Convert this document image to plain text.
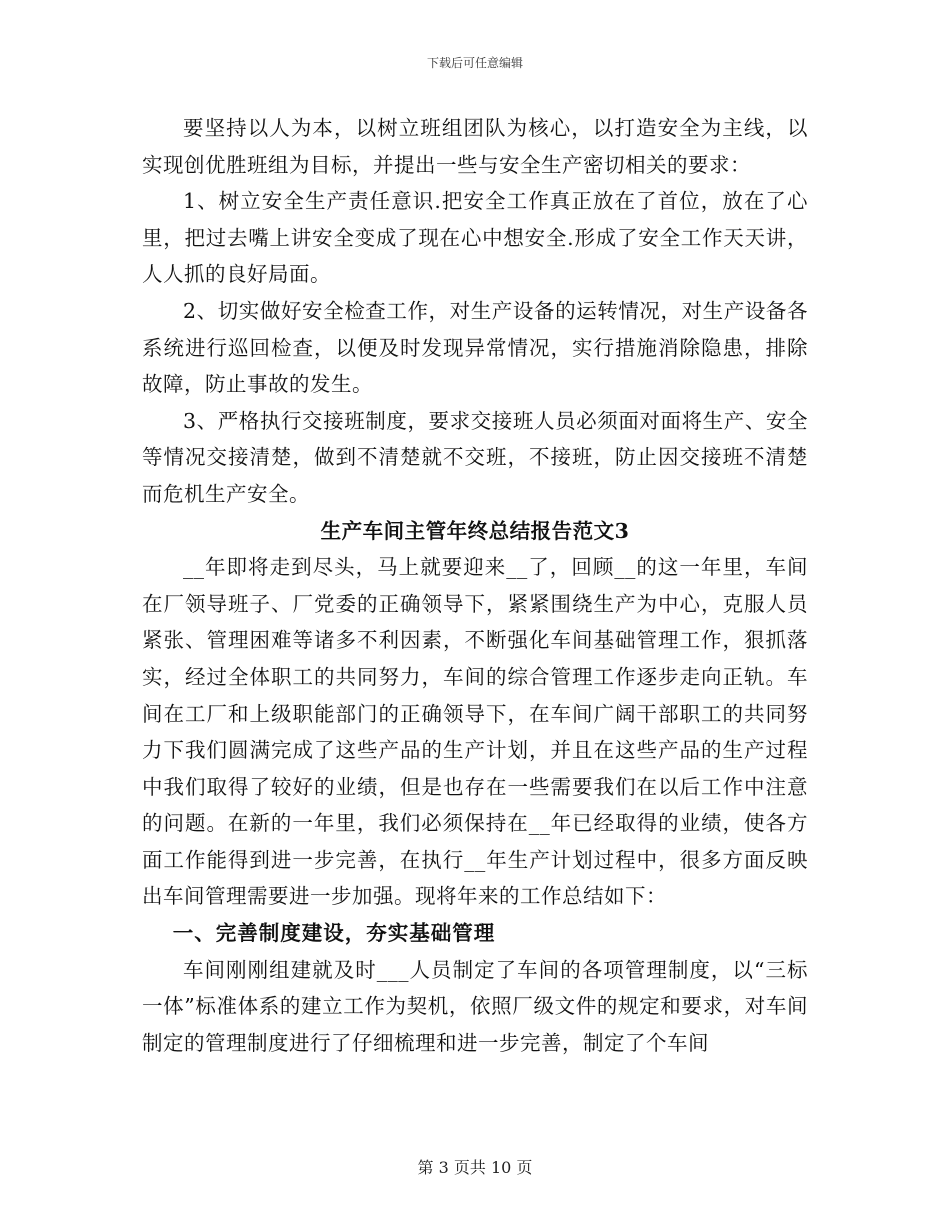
下载后可任意编辑

要坚持以人为本，以树立班组团队为核心，以打造安全为主线，以实现创优胜班组为目标，并提出一些与安全生产密切相关的要求：

1、树立安全生产责任意识.把安全工作真正放在了首位，放在了心里，把过去嘴上讲安全变成了现在心中想安全.形成了安全工作天天讲，人人抓的良好局面。

2、切实做好安全检查工作，对生产设备的运转情况，对生产设备各系统进行巡回检查，以便及时发现异常情况，实行措施消除隐患，排除故障，防止事故的发生。

3、严格执行交接班制度，要求交接班人员必须面对面将生产、安全等情况交接清楚，做到不清楚就不交班，不接班，防止因交接班不清楚而危机生产安全。

生产车间主管年终总结报告范文3

__年即将走到尽头，马上就要迎来__了，回顾__的这一年里，车间在厂领导班子、厂党委的正确领导下，紧紧围绕生产为中心，克服人员紧张、管理困难等诸多不利因素，不断强化车间基础管理工作，狠抓落实，经过全体职工的共同努力，车间的综合管理工作逐步走向正轨。车间在工厂和上级职能部门的正确领导下，在车间广阔干部职工的共同努力下我们圆满完成了这些产品的生产计划，并且在这些产品的生产过程中我们取得了较好的业绩，但是也存在一些需要我们在以后工作中注意的问题。在新的一年里，我们必须保持在__年已经取得的业绩，使各方面工作能得到进一步完善，在执行__年生产计划过程中，很多方面反映出车间管理需要进一步加强。现将年来的工作总结如下：

一、完善制度建设，夯实基础管理

车间刚刚组建就及时___人员制定了车间的各项管理制度，以“三标一体”标准体系的建立工作为契机，依照厂级文件的规定和要求，对车间制定的管理制度进行了仔细梳理和进一步完善，制定了个车间

第 3 页共 10 页
